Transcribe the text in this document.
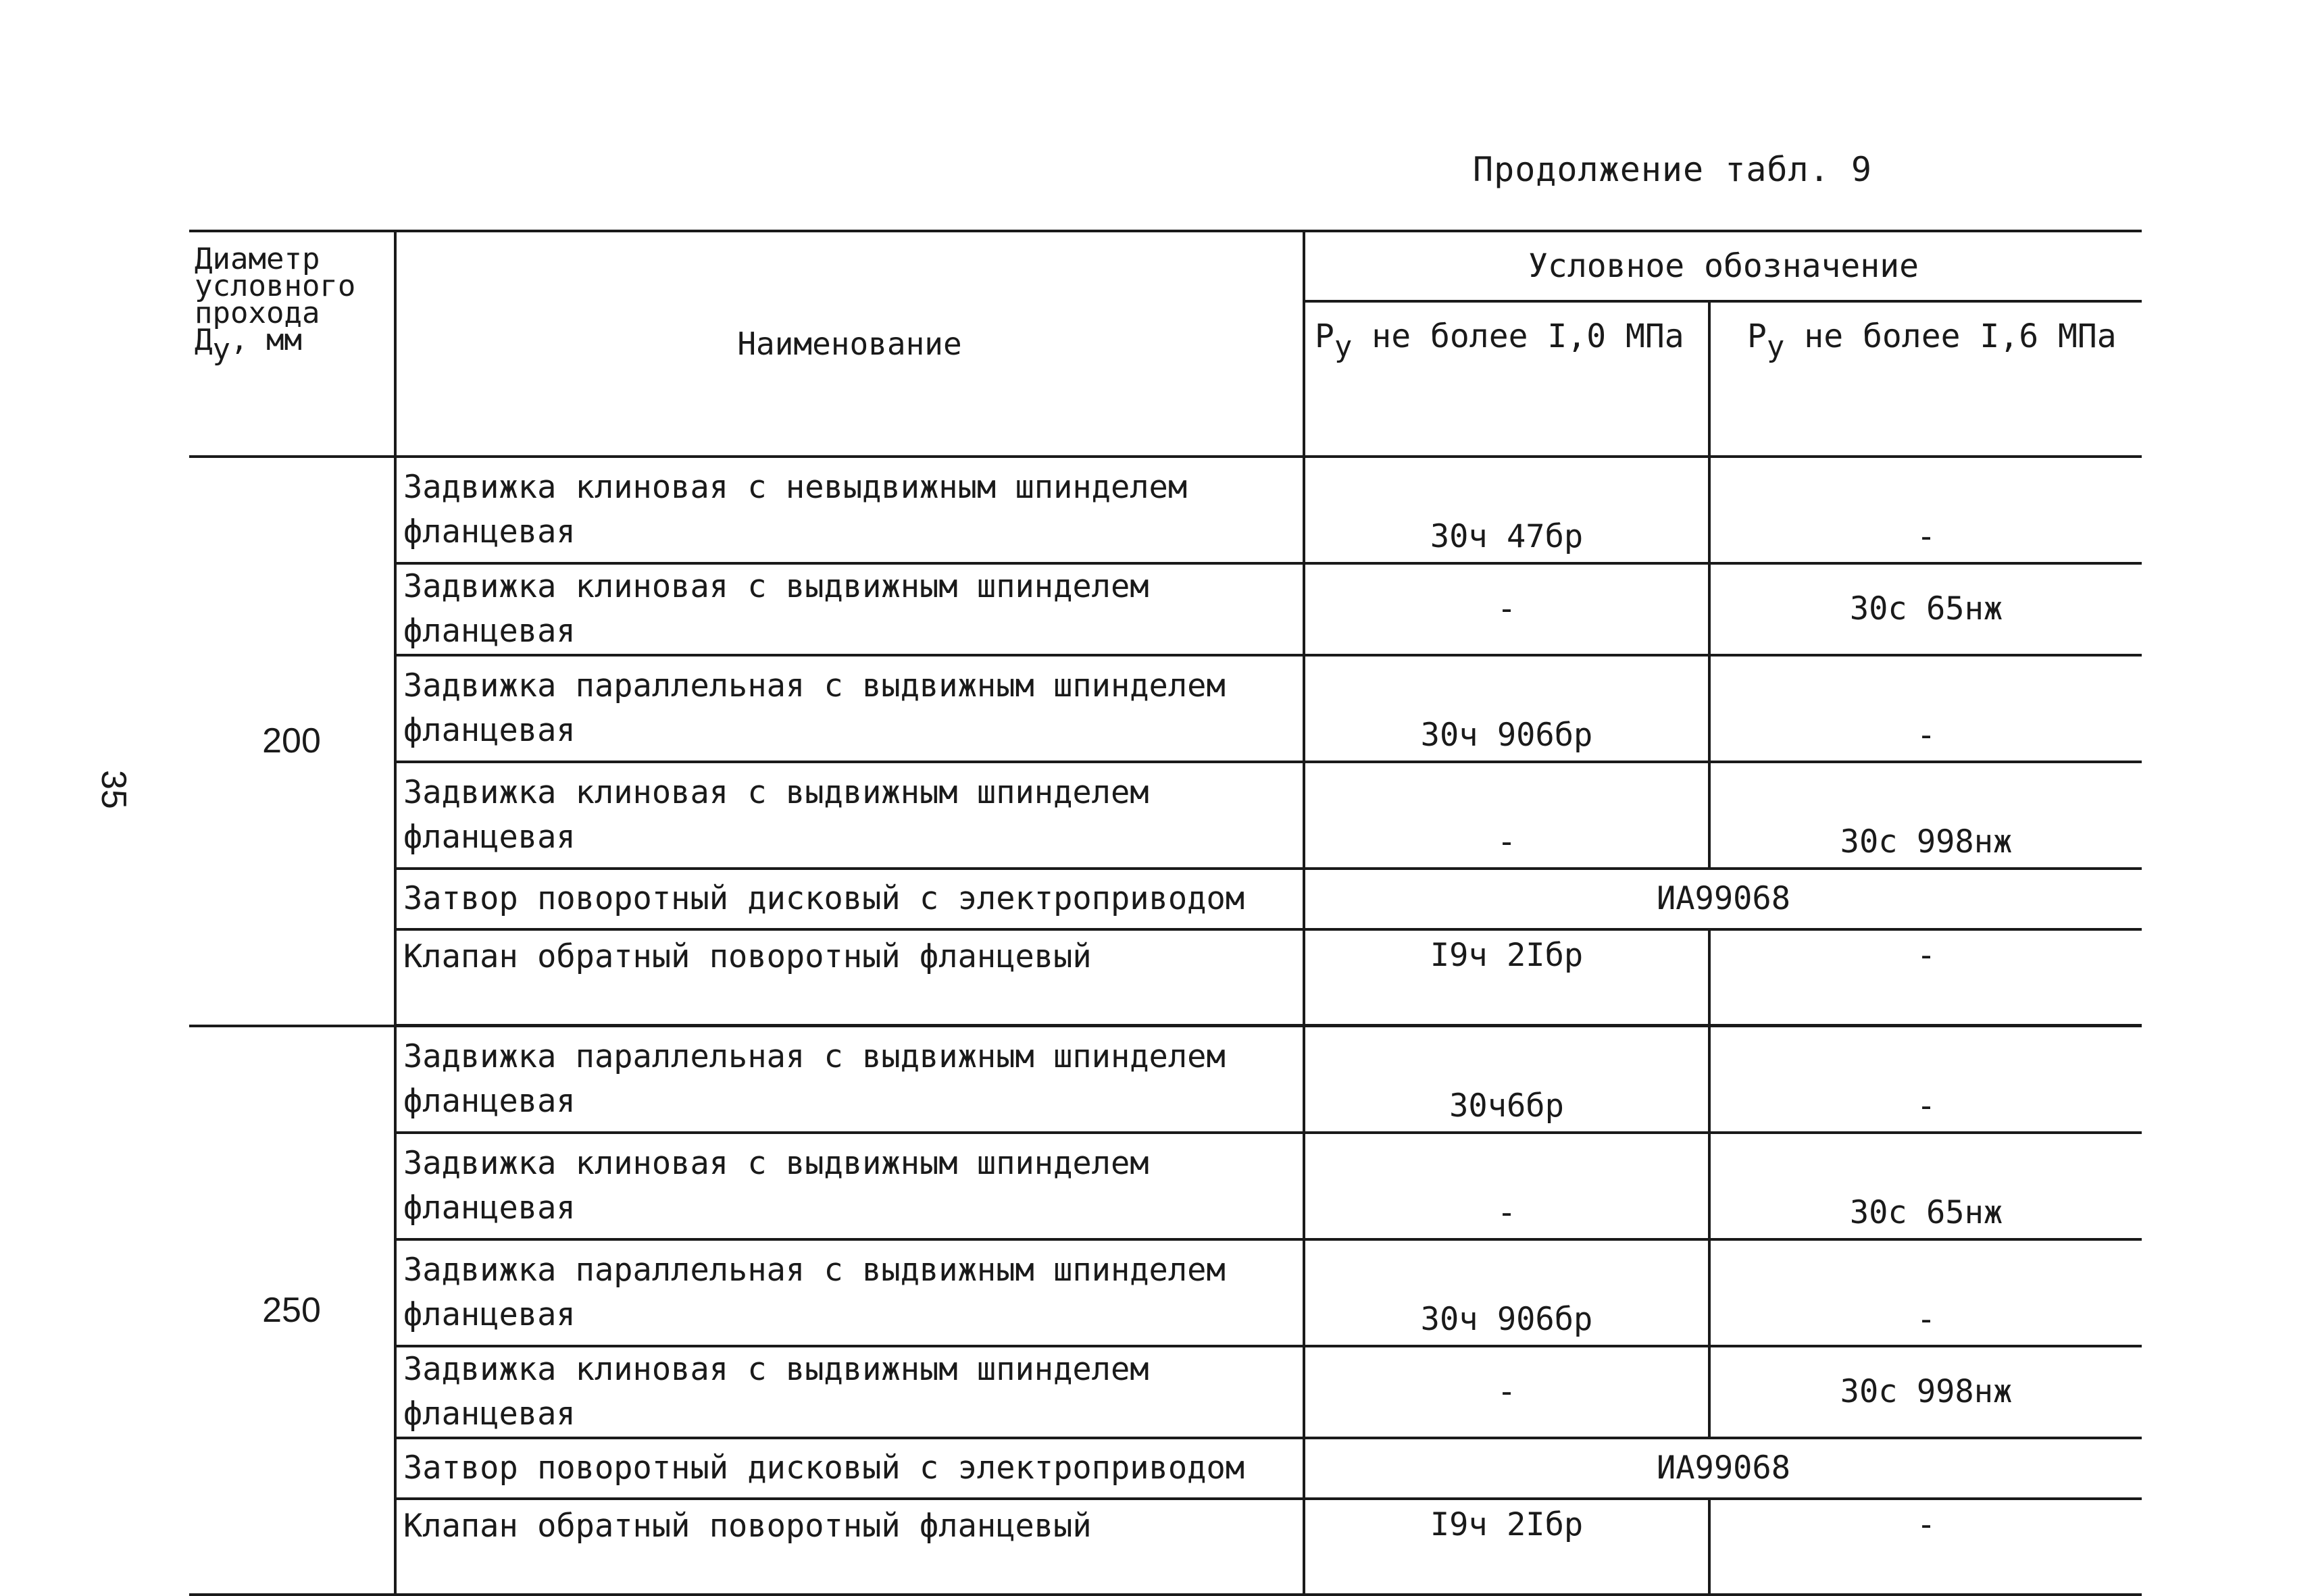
Продолжение табл. 9
35
Диаметр
условного
прохода
Ду, мм	Наименование	Условное обозначение	
		Pу не более I,0 МПа	Pу не более I,6 МПа
200	Задвижка клиновая с невыдвижным шпинделем фланцевая	30ч 47бр	-
	Задвижка клиновая с выдвижным шпинделем фланцевая	-	30с 65нж
	Задвижка параллельная с выдвижным шпинделем фланцевая	30ч 906бр	-
	Задвижка клиновая с выдвижным шпинделем фланцевая	-	30с 998нж
	Затвор поворотный дисковый с электроприводом	ИА99068	
	Клапан обратный поворотный фланцевый	I9ч 2Iбр	-
250	Задвижка параллельная с выдвижным шпинделем фланцевая	30ч6бр	-
	Задвижка клиновая с выдвижным шпинделем фланцевая	-	30с 65нж
	Задвижка параллельная с выдвижным шпинделем фланцевая	30ч 906бр	-
	Задвижка клиновая с выдвижным шпинделем фланцевая	-	30с 998нж
	Затвор поворотный дисковый с электроприводом	ИА99068	
	Клапан обратный поворотный фланцевый	I9ч 2Iбр	-
